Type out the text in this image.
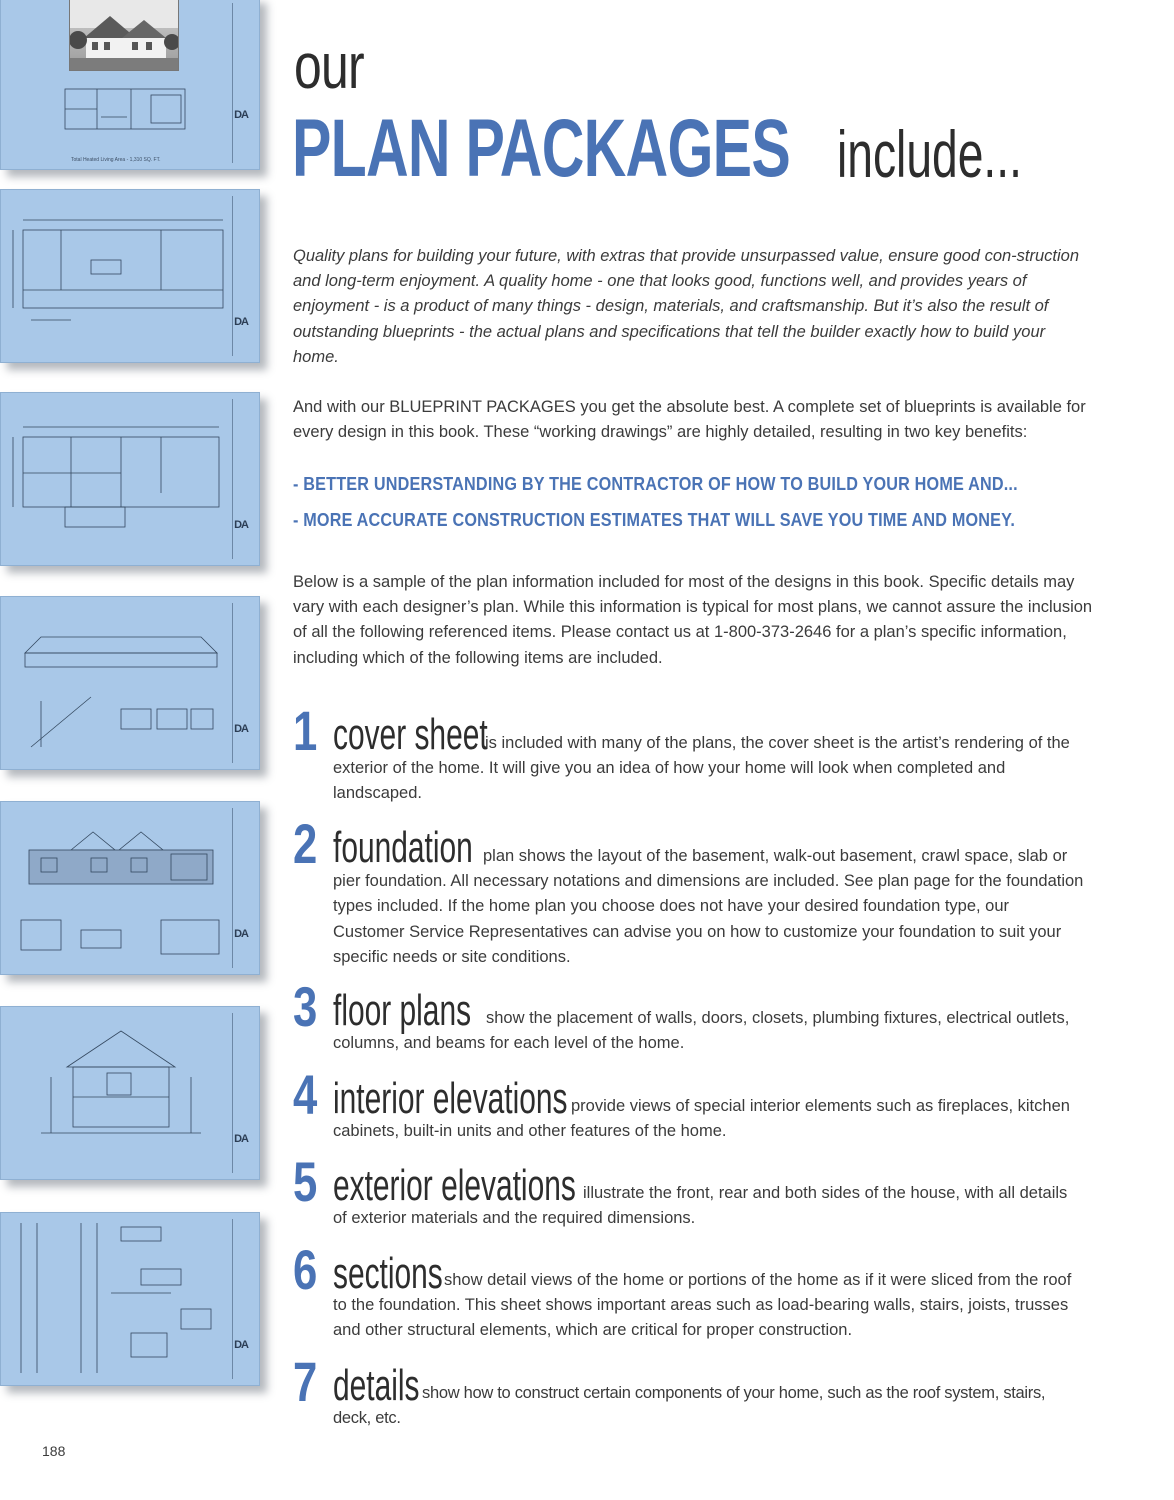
Total Heated Living Area - 1,310 SQ. FT.
DA
DA
DA
DA
DA
DA
DA
our
PLAN PACKAGES include...

Quality plans for building your future, with extras that provide unsurpassed value, ensure good con-struction and long-term enjoyment. A quality home - one that looks good, functions well, and provides years of enjoyment - is a product of many things - design, materials, and craftsmanship. But it’s also the result of outstanding blueprints - the actual plans and specifications that tell the builder exactly how to build your home.

And with our BLUEPRINT PACKAGES you get the absolute best. A complete set of blueprints is available for every design in this book. These “working drawings” are highly detailed, resulting in two key benefits:

- BETTER UNDERSTANDING BY THE CONTRACTOR OF HOW TO BUILD YOUR HOME AND...
- MORE ACCURATE CONSTRUCTION ESTIMATES THAT WILL SAVE YOU TIME AND MONEY.

Below is a sample of the plan information included for most of the designs in this book. Specific details may vary with each designer’s plan. While this information is typical for most plans, we cannot assure the inclusion of all the following referenced items. Please contact us at 1-800-373-2646 for a plan’s specific information, including which of the following items are included.

1 cover sheet

is included with many of the plans, the cover sheet is the artist’s rendering of the exterior of the home. It will give you an idea of how your home will look when completed and landscaped.

2 foundation plan shows the layout of the basement, walk-out basement, crawl space, slab or pier foundation. All necessary notations and dimensions are included. See plan page for the foundation types included. If the home plan you choose does not have your desired foundation type, our Customer Service Representatives can advise you on how to customize your foundation to suit your specific needs or site conditions.

3 floor plans show the placement of walls, doors, closets, plumbing fixtures, electrical outlets, columns, and beams for each level of the home.

4 interior elevations provide views of special interior elements such as fireplaces, kitchen cabinets, built-in units and other features of the home.

5 exterior elevations illustrate the front, rear and both sides of the house, with all details of exterior materials and the required dimensions.

6 sections show detail views of the home or portions of the home as if it were sliced from the roof to the foundation. This sheet shows important areas such as load-bearing walls, stairs, joists, trusses and other structural elements, which are critical for proper construction.

7 details show how to construct certain components of your home, such as the roof system, stairs, deck, etc.

188
